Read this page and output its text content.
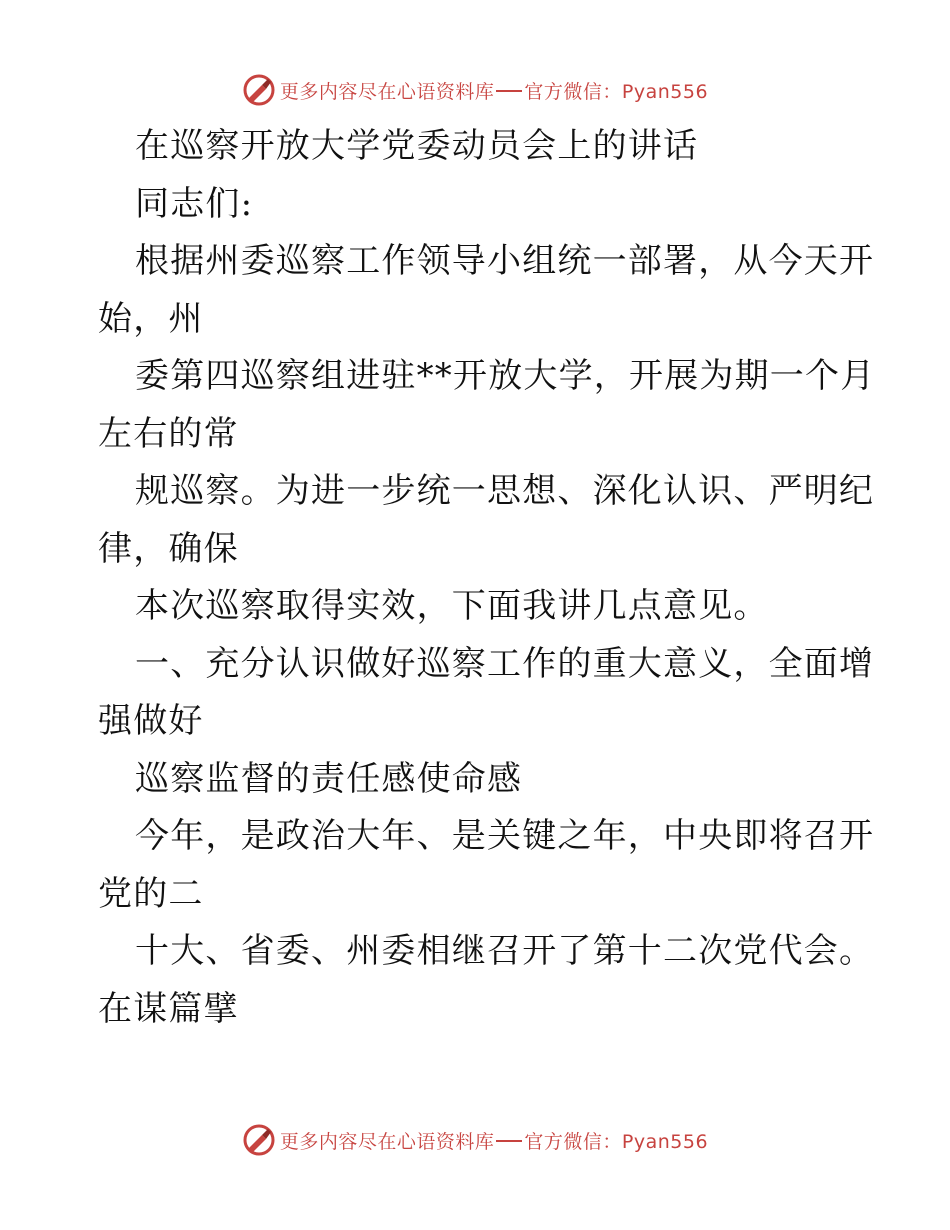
更多内容尽在心语资料库 官方微信：Pyan556
在巡察开放大学党委动员会上的讲话
同志们:
根据州委巡察工作领导小组统一部署，从今天开
始，州
委第四巡察组进驻**开放大学，开展为期一个月
左右的常
规巡察。为进一步统一思想、深化认识、严明纪
律，确保
本次巡察取得实效，下面我讲几点意见。
一、充分认识做好巡察工作的重大意义，全面增
强做好
巡察监督的责任感使命感
今年，是政治大年、是关键之年，中央即将召开
党的二
十大、省委、州委相继召开了第十二次党代会。
在谋篇擘
更多内容尽在心语资料库 官方微信：Pyan556
